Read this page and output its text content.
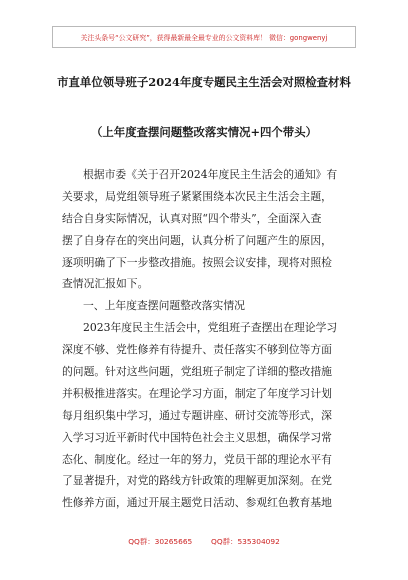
关注头条号“公文研究”，获得最新最全最专业的公文资料库！ 微信：gongwenyj
市直单位领导班子2024年度专题民主生活会对照检查材料
（上年度查摆问题整改落实情况+四个带头）
根据市委《关于召开2024年度民主生活会的通知》有
关要求，局党组领导班子紧紧围绕本次民主生活会主题，
结合自身实际情况，认真对照“四个带头”，全面深入查
摆了自身存在的突出问题，认真分析了问题产生的原因，
逐项明确了下一步整改措施。按照会议安排，现将对照检
查情况汇报如下。
一、上年度查摆问题整改落实情况
2023年度民主生活会中，党组班子查摆出在理论学习
深度不够、党性修养有待提升、责任落实不够到位等方面
的问题。针对这些问题，党组班子制定了详细的整改措施
并积极推进落实。在理论学习方面，制定了年度学习计划
每月组织集中学习，通过专题讲座、研讨交流等形式，深
入学习习近平新时代中国特色社会主义思想，确保学习常
态化、制度化。经过一年的努力，党员干部的理论水平有
了显著提升，对党的路线方针政策的理解更加深刻。在党
性修养方面，通过开展主题党日活动、参观红色教育基地
QQ群：30265665        QQ群：535304092
